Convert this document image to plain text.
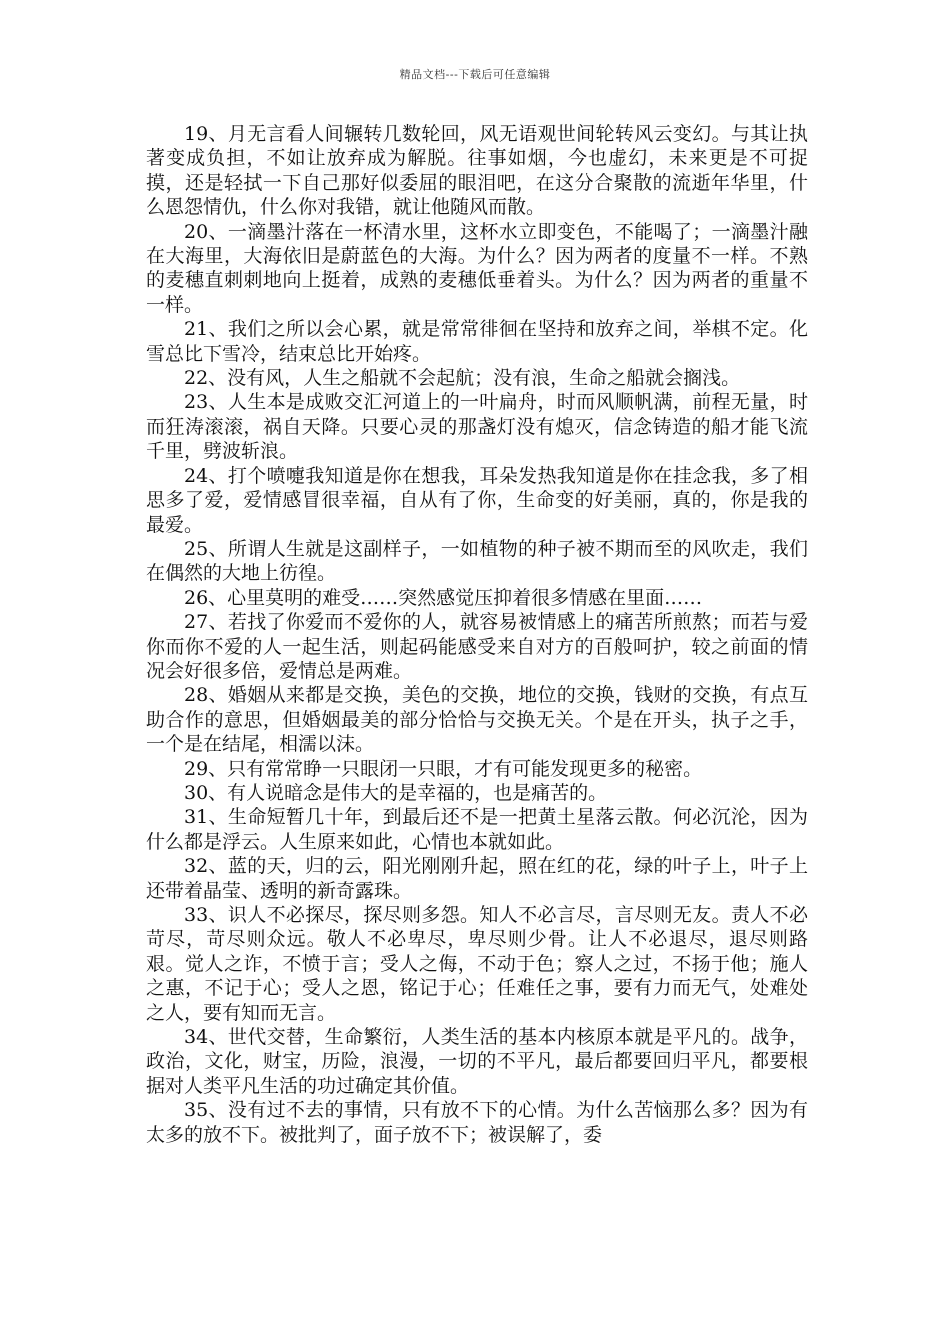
精品文档---下载后可任意编辑

19、月无言看人间辗转几数轮回，风无语观世间轮转风云变幻。与其让执著变成负担，不如让放弃成为解脱。往事如烟，今也虚幻，未来更是不可捉摸，还是轻拭一下自己那好似委屈的眼泪吧，在这分合聚散的流逝年华里，什么恩怨情仇，什么你对我错，就让他随风而散。

20、一滴墨汁落在一杯清水里，这杯水立即变色，不能喝了；一滴墨汁融在大海里，大海依旧是蔚蓝色的大海。为什么？因为两者的度量不一样。不熟的麦穗直刺刺地向上挺着，成熟的麦穗低垂着头。为什么？因为两者的重量不一样。

21、我们之所以会心累，就是常常徘徊在坚持和放弃之间，举棋不定。化雪总比下雪冷，结束总比开始疼。

22、没有风，人生之船就不会起航；没有浪，生命之船就会搁浅。

23、人生本是成败交汇河道上的一叶扁舟，时而风顺帆满，前程无量，时而狂涛滚滚，祸自天降。只要心灵的那盏灯没有熄灭，信念铸造的船才能飞流千里，劈波斩浪。

24、打个喷嚏我知道是你在想我，耳朵发热我知道是你在挂念我，多了相思多了爱，爱情感冒很幸福，自从有了你，生命变的好美丽，真的，你是我的最爱。

25、所谓人生就是这副样子，一如植物的种子被不期而至的风吹走，我们在偶然的大地上彷徨。

26、心里莫明的难受……突然感觉压抑着很多情感在里面……

27、若找了你爱而不爱你的人，就容易被情感上的痛苦所煎熬；而若与爱你而你不爱的人一起生活，则起码能感受来自对方的百般呵护，较之前面的情况会好很多倍，爱情总是两难。

28、婚姻从来都是交换，美色的交换，地位的交换，钱财的交换，有点互助合作的意思，但婚姻最美的部分恰恰与交换无关。个是在开头，执子之手，一个是在结尾，相濡以沫。

29、只有常常睁一只眼闭一只眼，才有可能发现更多的秘密。

30、有人说暗念是伟大的是幸福的，也是痛苦的。

31、生命短暂几十年，到最后还不是一把黄土星落云散。何必沉沦，因为什么都是浮云。人生原来如此，心情也本就如此。

32、蓝的天，归的云，阳光刚刚升起，照在红的花，绿的叶子上，叶子上还带着晶莹、透明的新奇露珠。

33、识人不必探尽，探尽则多怨。知人不必言尽，言尽则无友。责人不必苛尽，苛尽则众远。敬人不必卑尽，卑尽则少骨。让人不必退尽，退尽则路艰。觉人之诈，不愤于言；受人之侮，不动于色；察人之过，不扬于他；施人之惠，不记于心；受人之恩，铭记于心；任难任之事，要有力而无气，处难处之人，要有知而无言。

34、世代交替，生命繁衍，人类生活的基本内核原本就是平凡的。战争，政治，文化，财宝，历险，浪漫，一切的不平凡，最后都要回归平凡，都要根据对人类平凡生活的功过确定其价值。

35、没有过不去的事情，只有放不下的心情。为什么苦恼那么多？因为有太多的放不下。被批判了，面子放不下；被误解了，委
